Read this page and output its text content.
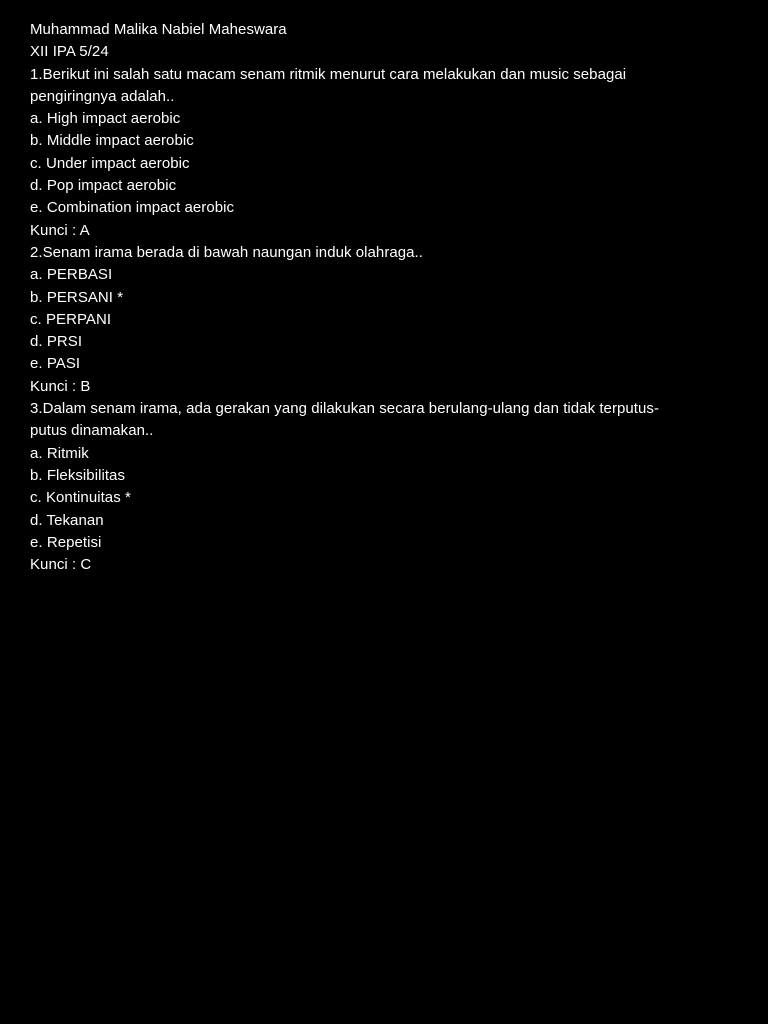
Muhammad Malika Nabiel Maheswara
XII IPA 5/24
1.Berikut ini salah satu macam senam ritmik menurut cara melakukan dan music sebagai
pengiringnya adalah..
a. High impact aerobic
b. Middle impact aerobic
c. Under impact aerobic
d. Pop impact aerobic
e. Combination impact aerobic
Kunci : A
2.Senam irama berada di bawah naungan induk olahraga..
a. PERBASI
b. PERSANI *
c. PERPANI
d. PRSI
e. PASI
Kunci : B
3.Dalam senam irama, ada gerakan yang dilakukan secara berulang-ulang dan tidak terputus-
putus dinamakan..
a. Ritmik
b. Fleksibilitas
c. Kontinuitas *
d. Tekanan
e. Repetisi
Kunci : C
